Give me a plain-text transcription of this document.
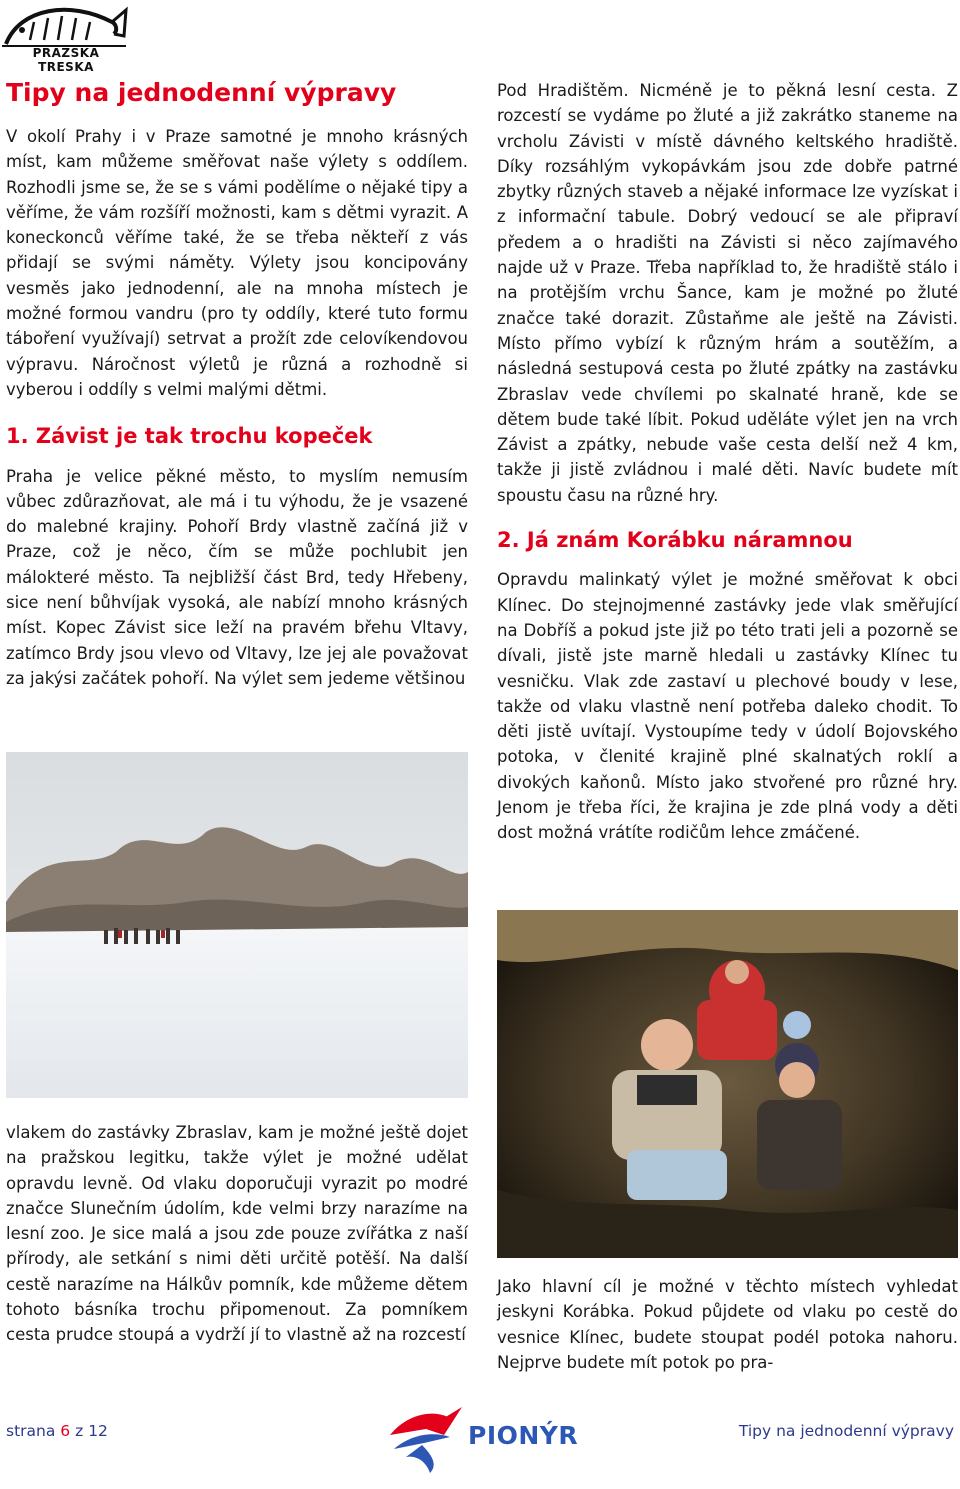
PRAŽSKÁ TRESKA
Tipy na jednodenní výpravy

V okolí Prahy i v Praze samotné je mnoho krásných míst, kam můžeme směřovat naše výlety s oddílem. Rozhodli jsme se, že se s vámi podělíme o nějaké tipy a věříme, že vám rozšíří možnosti, kam s dětmi vyrazit. A koneckonců věříme také, že se třeba někteří z vás přidají se svými náměty. Výlety jsou koncipovány vesměs jako jednodenní, ale na mnoha místech je možné formou vandru (pro ty oddíly, které tuto formu táboření využívají) setrvat a prožít zde celovíkendovou výpravu. Náročnost výletů je různá a rozhodně si vyberou i oddíly s velmi malými dětmi.

1. Závist je tak trochu kopeček

Praha je velice pěkné město, to myslím nemusím vůbec zdůrazňovat, ale má i tu výhodu, že je vsazené do malebné krajiny. Pohoří Brdy vlastně začíná již v Praze, což je něco, čím se může pochlubit jen málokteré město. Ta nejbližší část Brd, tedy Hřebeny, sice není bůhvíjak vysoká, ale nabízí mnoho krásných míst. Kopec Závist sice leží na pravém břehu Vltavy, zatímco Brdy jsou vlevo od Vltavy, lze jej ale považovat za jakýsi začátek pohoří. Na výlet sem jedeme většinou

vlakem do zastávky Zbraslav, kam je možné ještě dojet na pražskou legitku, takže výlet je možné udělat opravdu levně. Od vlaku doporučuji vyrazit po modré značce Slunečním údolím, kde velmi brzy narazíme na lesní zoo. Je sice malá a jsou zde pouze zvířátka z naší přírody, ale setkání s nimi děti určitě potěší. Na další cestě narazíme na Hálkův pomník, kde můžeme dětem tohoto básníka trochu připomenout. Za pomníkem cesta prudce stoupá a vydrží jí to vlastně až na rozcestí

Pod Hradištěm. Nicméně je to pěkná lesní cesta. Z rozcestí se vydáme po žluté a již zakrátko staneme na vrcholu Závisti v místě dávného keltského hradiště. Díky rozsáhlým vykopávkám jsou zde dobře patrné zbytky různých staveb a nějaké informace lze vyzískat i z informační tabule. Dobrý vedoucí se ale připraví předem a o hradišti na Závisti si něco zajímavého najde už v Praze. Třeba například to, že hradiště stálo i na protějším vrchu Šance, kam je možné po žluté značce také dorazit. Zůstaňme ale ještě na Závisti. Místo přímo vybízí k různým hrám a soutěžím, a následná sestupová cesta po žluté zpátky na zastávku Zbraslav vede chvílemi po skalnaté hraně, kde se dětem bude také líbit. Pokud uděláte výlet jen na vrch Závist a zpátky, nebude vaše cesta delší než 4 km, takže ji jistě zvládnou i malé děti. Navíc budete mít spoustu času na různé hry.

2. Já znám Korábku náramnou

Opravdu malinkatý výlet je možné směřovat k obci Klínec. Do stejnojmenné zastávky jede vlak směřující na Dobříš a pokud jste již po této trati jeli a pozorně se dívali, jistě jste marně hledali u zastávky Klínec tu vesničku. Vlak zde zastaví u plechové boudy v lese, takže od vlaku vlastně není potřeba daleko chodit. To děti jistě uvítají. Vystoupíme tedy v údolí Bojovského potoka, v členité krajině plné skalnatých roklí a divokých kaňonů. Místo jako stvořené pro různé hry. Jenom je třeba říci, že krajina je zde plná vody a děti dost možná vrátíte rodičům lehce zmáčené.

Jako hlavní cíl je možné v těchto místech vyhledat jeskyni Korábka. Pokud půjdete od vlaku po cestě do vesnice Klínec, budete stoupat podél potoka nahoru. Nejprve budete mít potok po pra-

strana 6 z 12	PIONÝR	Tipy na jednodenní výpravy
